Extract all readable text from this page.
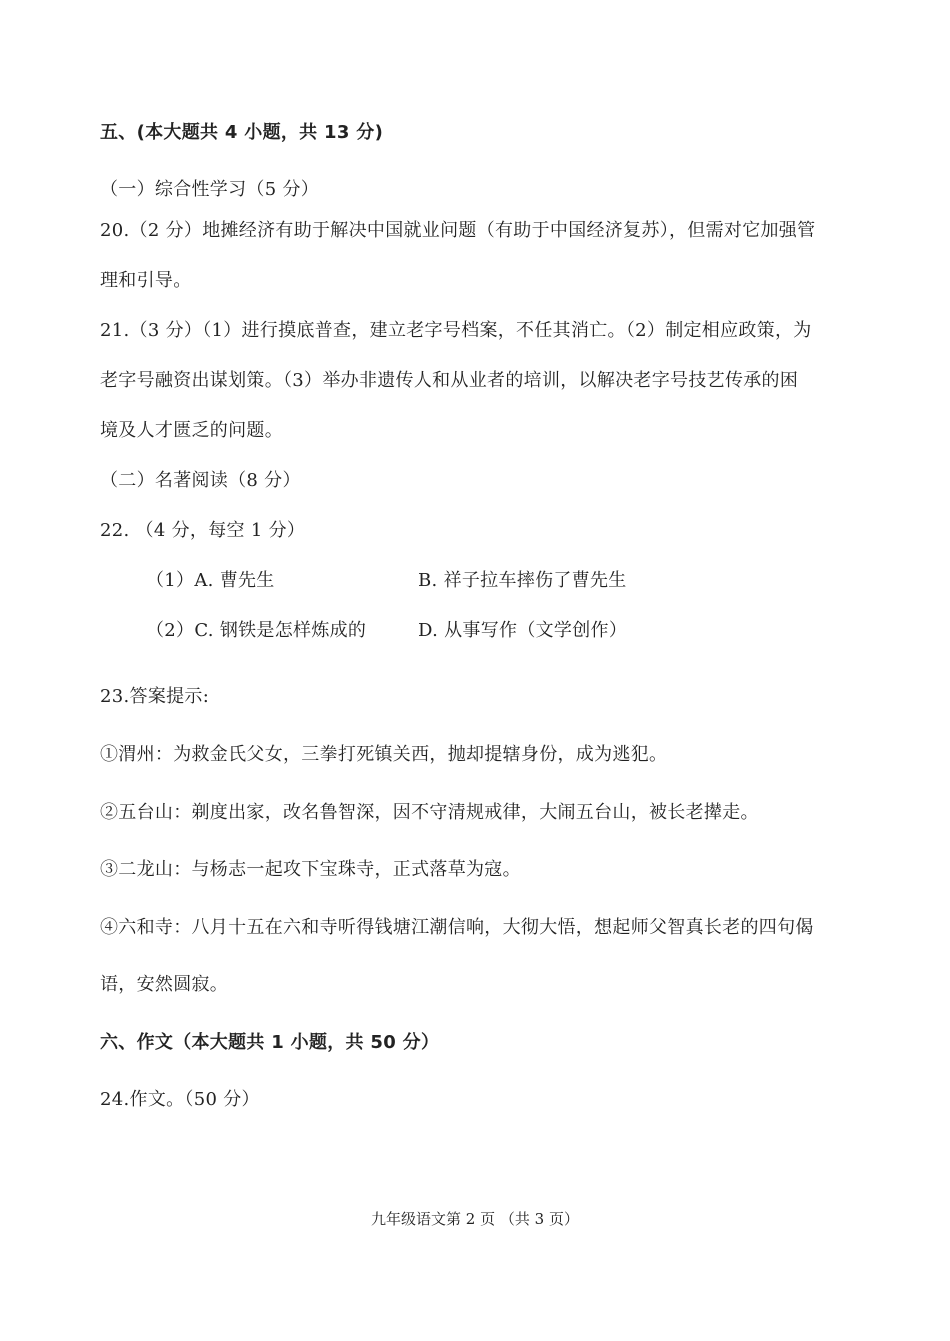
五、(本大题共 4 小题，共 13 分)
（一）综合性学习（5 分）
20.（2 分）地摊经济有助于解决中国就业问题（有助于中国经济复苏），但需对它加强管
理和引导。
21.（3 分）（1）进行摸底普查，建立老字号档案，不任其消亡。（2）制定相应政策，为
老字号融资出谋划策。（3）举办非遗传人和从业者的培训，以解决老字号技艺传承的困
境及人才匮乏的问题。
（二）名著阅读（8 分）
22. （4 分，每空 1 分）
（1）A. 曹先生	B. 祥子拉车摔伤了曹先生
（2）C. 钢铁是怎样炼成的	D. 从事写作（文学创作）
23.答案提示:
①渭州：为救金氏父女，三拳打死镇关西，抛却提辖身份，成为逃犯。
②五台山：剃度出家，改名鲁智深，因不守清规戒律，大闹五台山，被长老撵走。
③二龙山：与杨志一起攻下宝珠寺，正式落草为寇。
④六和寺：八月十五在六和寺听得钱塘江潮信响，大彻大悟，想起师父智真长老的四句偈
语，安然圆寂。
六、作文（本大题共 1 小题，共 50 分）
24.作文。（50 分）
九年级语文第 2 页 （共 3 页）
